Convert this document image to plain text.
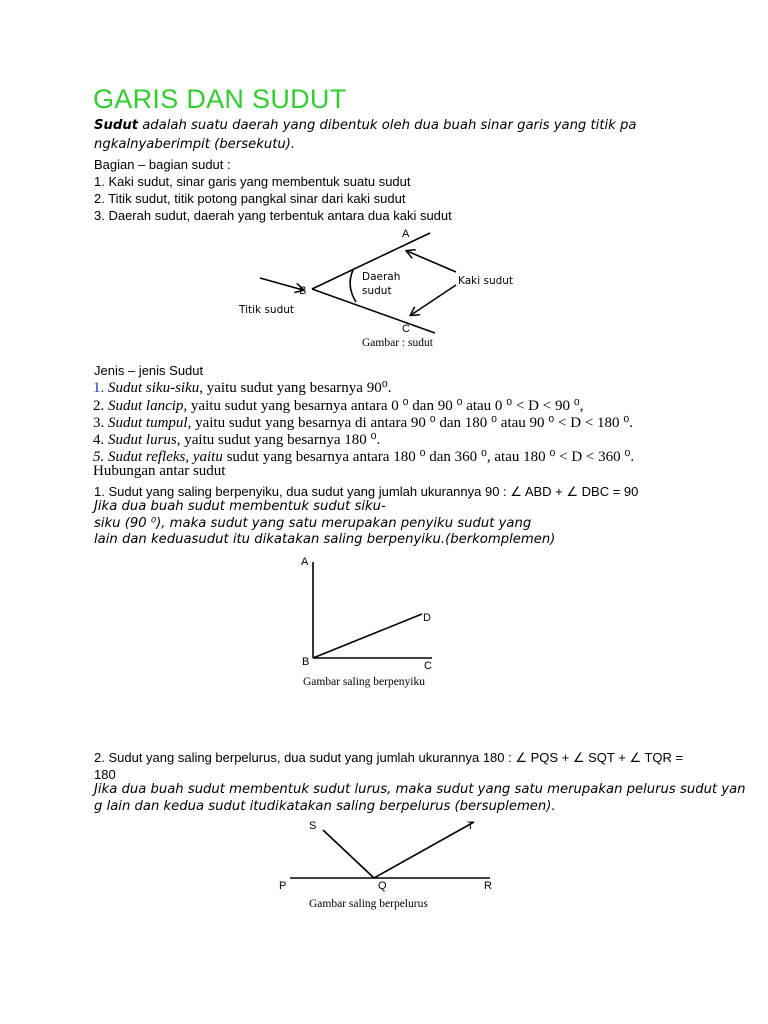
GARIS DAN SUDUT
Sudut adalah suatu daerah yang dibentuk oleh dua buah sinar garis yang titik pa
ngkalnyaberimpit (bersekutu).
Bagian – bagian sudut :
1. Kaki sudut, sinar garis yang membentuk suatu sudut
2. Titik sudut, titik potong pangkal sinar dari kaki sudut
3. Daerah sudut, daerah yang terbentuk antara dua kaki sudut
A
B
C
Daerah
sudut
Kaki sudut
Titik sudut
Gambar : sudut
Jenis – jenis Sudut
1. Sudut siku-siku, yaitu sudut yang besarnya 90⁰.
2. Sudut lancip, yaitu sudut yang besarnya antara 0 ⁰ dan 90 ⁰ atau 0 ⁰ < D < 90 ⁰,
3. Sudut tumpul, yaitu sudut yang besarnya di antara 90 ⁰ dan 180 ⁰ atau 90 ⁰ < D < 180 ⁰.
4. Sudut lurus, yaitu sudut yang besarnya 180 ⁰.
5. Sudut refleks, yaitu sudut yang besarnya antara 180 ⁰ dan 360 ⁰, atau 180 ⁰ < D < 360 ⁰.
Hubungan antar sudut
1. Sudut yang saling berpenyiku, dua sudut yang jumlah ukurannya 90 : ∠ ABD + ∠ DBC = 90
Jika dua buah sudut membentuk sudut siku-
siku (90 ⁰), maka sudut yang satu merupakan penyiku sudut yang
lain dan keduasudut itu dikatakan saling berpenyiku.(berkomplemen)
A
D
B	C
Gambar saling berpenyiku
2. Sudut yang saling berpelurus, dua sudut yang jumlah ukurannya 180 : ∠ PQS + ∠ SQT + ∠ TQR =
180
Jika dua buah sudut membentuk sudut lurus, maka sudut yang satu merupakan pelurus sudut yan
g lain dan kedua sudut itudikatakan saling berpelurus (bersuplemen).
S	T
P	Q	R
Gambar saling berpelurus
